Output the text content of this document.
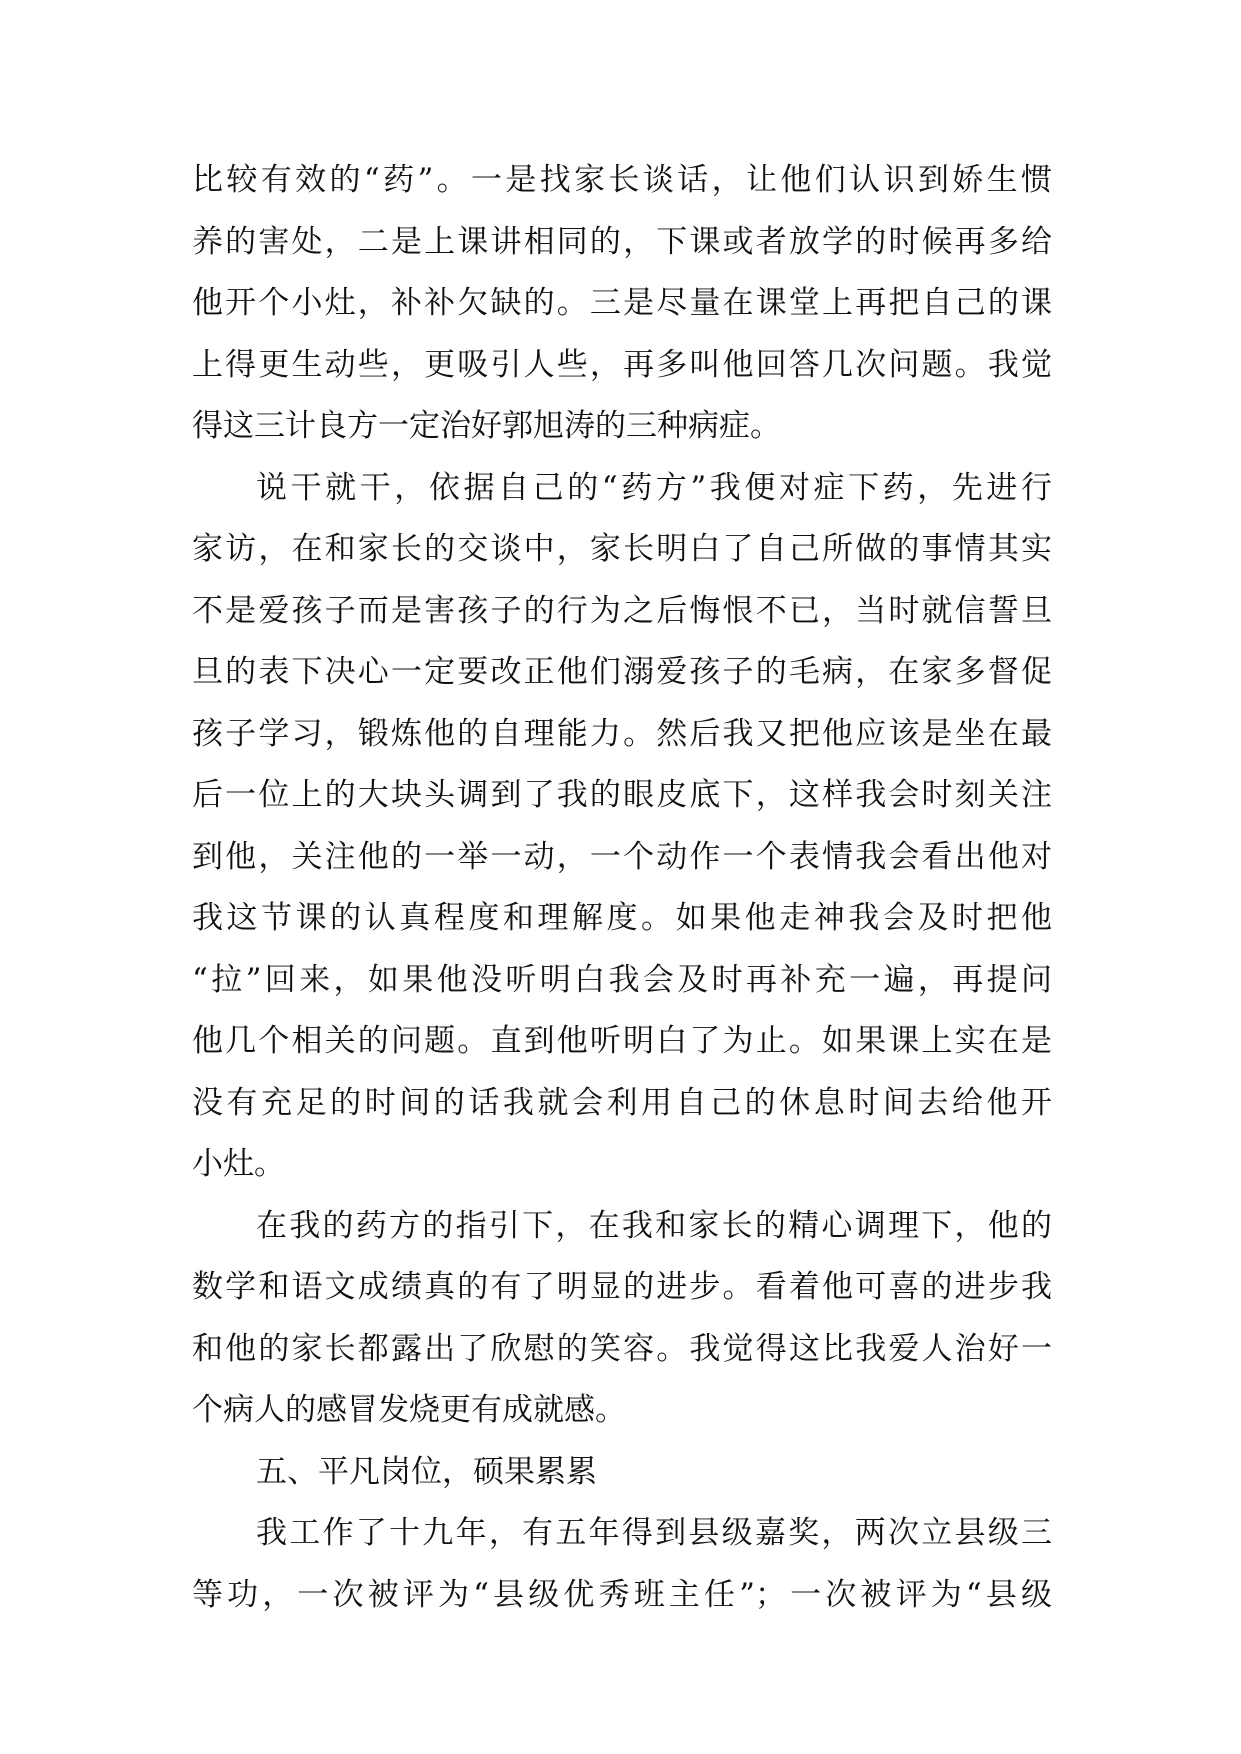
比较有效的“药”。一是找家长谈话，让他们认识到娇生惯
养的害处，二是上课讲相同的，下课或者放学的时候再多给
他开个小灶，补补欠缺的。三是尽量在课堂上再把自己的课
上得更生动些，更吸引人些，再多叫他回答几次问题。我觉
得这三计良方一定治好郭旭涛的三种病症。
说干就干，依据自己的“药方”我便对症下药，先进行
家访，在和家长的交谈中，家长明白了自己所做的事情其实
不是爱孩子而是害孩子的行为之后悔恨不已，当时就信誓旦
旦的表下决心一定要改正他们溺爱孩子的毛病，在家多督促
孩子学习，锻炼他的自理能力。然后我又把他应该是坐在最
后一位上的大块头调到了我的眼皮底下，这样我会时刻关注
到他，关注他的一举一动，一个动作一个表情我会看出他对
我这节课的认真程度和理解度。如果他走神我会及时把他
“拉”回来，如果他没听明白我会及时再补充一遍，再提问
他几个相关的问题。直到他听明白了为止。如果课上实在是
没有充足的时间的话我就会利用自己的休息时间去给他开
小灶。
在我的药方的指引下，在我和家长的精心调理下，他的
数学和语文成绩真的有了明显的进步。看着他可喜的进步我
和他的家长都露出了欣慰的笑容。我觉得这比我爱人治好一
个病人的感冒发烧更有成就感。
五、平凡岗位，硕果累累
我工作了十九年，有五年得到县级嘉奖，两次立县级三
等功，一次被评为“县级优秀班主任”；一次被评为“县级
